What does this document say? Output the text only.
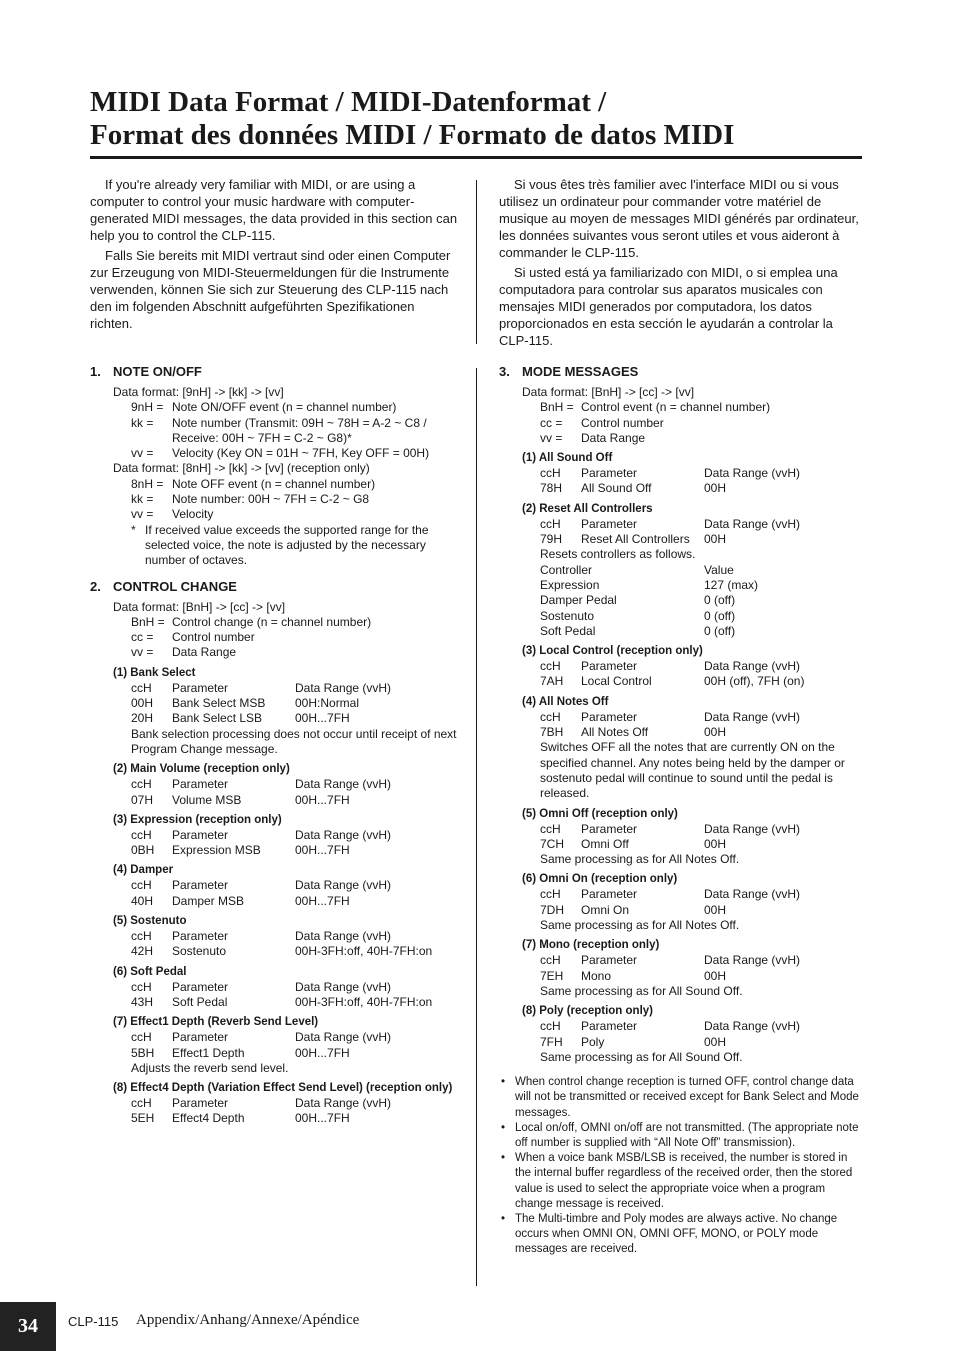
MIDI Data Format / MIDI-Datenformat /
Format des données MIDI / Formato de datos MIDI

If you're already very familiar with MIDI, or are using a computer to control your music hardware with computer-generated MIDI messages, the data provided in this section can help you to control the CLP-115.

Falls Sie bereits mit MIDI vertraut sind oder einen Computer zur Erzeugung von MIDI-Steuermeldungen für die Instrumente verwenden, können Sie sich zur Steuerung des CLP-115 nach den im folgenden Abschnitt aufgeführten Spezifikationen richten.

Si vous êtes très familier avec l'interface MIDI ou si vous utilisez un ordinateur pour commander votre matériel de musique au moyen de messages MIDI générés par ordinateur, les données suivantes vous seront utiles et vous aideront à commander le CLP-115.

Si usted está ya familiarizado con MIDI, o si emplea una computadora para controlar sus aparatos musicales con mensajes MIDI generados por computadora, los datos proporcionados en esta sección le ayudarán a controlar la CLP-115.

1. NOTE ON/OFF
Data format: [9nH] -> [kk] -> [vv]
9nH = Note ON/OFF event (n = channel number)
kk =	Note number (Transmit: 09H ~ 78H = A-2 ~ C8 / Receive: 00H ~ 7FH = C-2 ~ G8)*
vv =	Velocity (Key ON = 01H ~ 7FH, Key OFF = 00H)
Data format: [8nH] -> [kk] -> [vv] (reception only)
8nH = Note OFF event (n = channel number)
kk =	Note number: 00H ~ 7FH = C-2 ~ G8
vv =	Velocity
* If received value exceeds the supported range for the selected voice, the note is adjusted by the necessary number of octaves.
2. CONTROL CHANGE
Data format: [BnH] -> [cc] -> [vv]
BnH = Control change (n = channel number)
cc =	Control number
vv =	Data Range
(1) Bank Select
ccH	Parameter	Data Range (vvH)
00H	Bank Select MSB	00H:Normal
20H	Bank Select LSB	00H...7FH
Bank selection processing does not occur until receipt of next Program Change message.
(2) Main Volume (reception only)
ccH	Parameter	Data Range (vvH)
07H	Volume MSB	00H...7FH
(3) Expression (reception only)
ccH	Parameter	Data Range (vvH)
0BH	Expression MSB	00H...7FH
(4) Damper
ccH	Parameter	Data Range (vvH)
40H	Damper MSB	00H...7FH
(5) Sostenuto
ccH	Parameter	Data Range (vvH)
42H	Sostenuto	00H-3FH:off, 40H-7FH:on
(6) Soft Pedal
ccH	Parameter	Data Range (vvH)
43H	Soft Pedal	00H-3FH:off, 40H-7FH:on
(7) Effect1 Depth (Reverb Send Level)
ccH	Parameter	Data Range (vvH)
5BH	Effect1 Depth	00H...7FH
Adjusts the reverb send level.
(8) Effect4 Depth (Variation Effect Send Level) (reception only)
ccH	Parameter	Data Range (vvH)
5EH	Effect4 Depth	00H...7FH
3. MODE MESSAGES
Data format: [BnH] -> [cc] -> [vv]
BnH = Control event (n = channel number)
cc =	Control number
vv =	Data Range
(1) All Sound Off
ccH	Parameter	Data Range (vvH)
78H	All Sound Off	00H
(2) Reset All Controllers
ccH	Parameter	Data Range (vvH)
79H	Reset All Controllers	00H
Resets controllers as follows.
Controller	Value
Expression	127 (max)
Damper Pedal	0 (off)
Sostenuto	0 (off)
Soft Pedal	0 (off)
(3) Local Control (reception only)
ccH	Parameter	Data Range (vvH)
7AH	Local Control	00H (off), 7FH (on)
(4) All Notes Off
ccH	Parameter	Data Range (vvH)
7BH	All Notes Off	00H
Switches OFF all the notes that are currently ON on the specified channel. Any notes being held by the damper or sostenuto pedal will continue to sound until the pedal is released.
(5) Omni Off (reception only)
ccH	Parameter	Data Range (vvH)
7CH	Omni Off	00H
Same processing as for All Notes Off.
(6) Omni On (reception only)
ccH	Parameter	Data Range (vvH)
7DH	Omni On	00H
Same processing as for All Notes Off.
(7) Mono (reception only)
ccH	Parameter	Data Range (vvH)
7EH	Mono	00H
Same processing as for All Sound Off.
(8) Poly (reception only)
ccH	Parameter	Data Range (vvH)
7FH	Poly	00H
Same processing as for All Sound Off.
• When control change reception is turned OFF, control change data will not be transmitted or received except for Bank Select and Mode messages.
• Local on/off, OMNI on/off are not transmitted. (The appropriate note off number is supplied with “All Note Off” transmission).
• When a voice bank MSB/LSB is received, the number is stored in the internal buffer regardless of the received order, then the stored value is used to select the appropriate voice when a program change message is received.
• The Multi-timbre and Poly modes are always active. No change occurs when OMNI ON, OMNI OFF, MONO, or POLY mode messages are received.
34	CLP-115 Appendix/Anhang/Annexe/Apéndice
